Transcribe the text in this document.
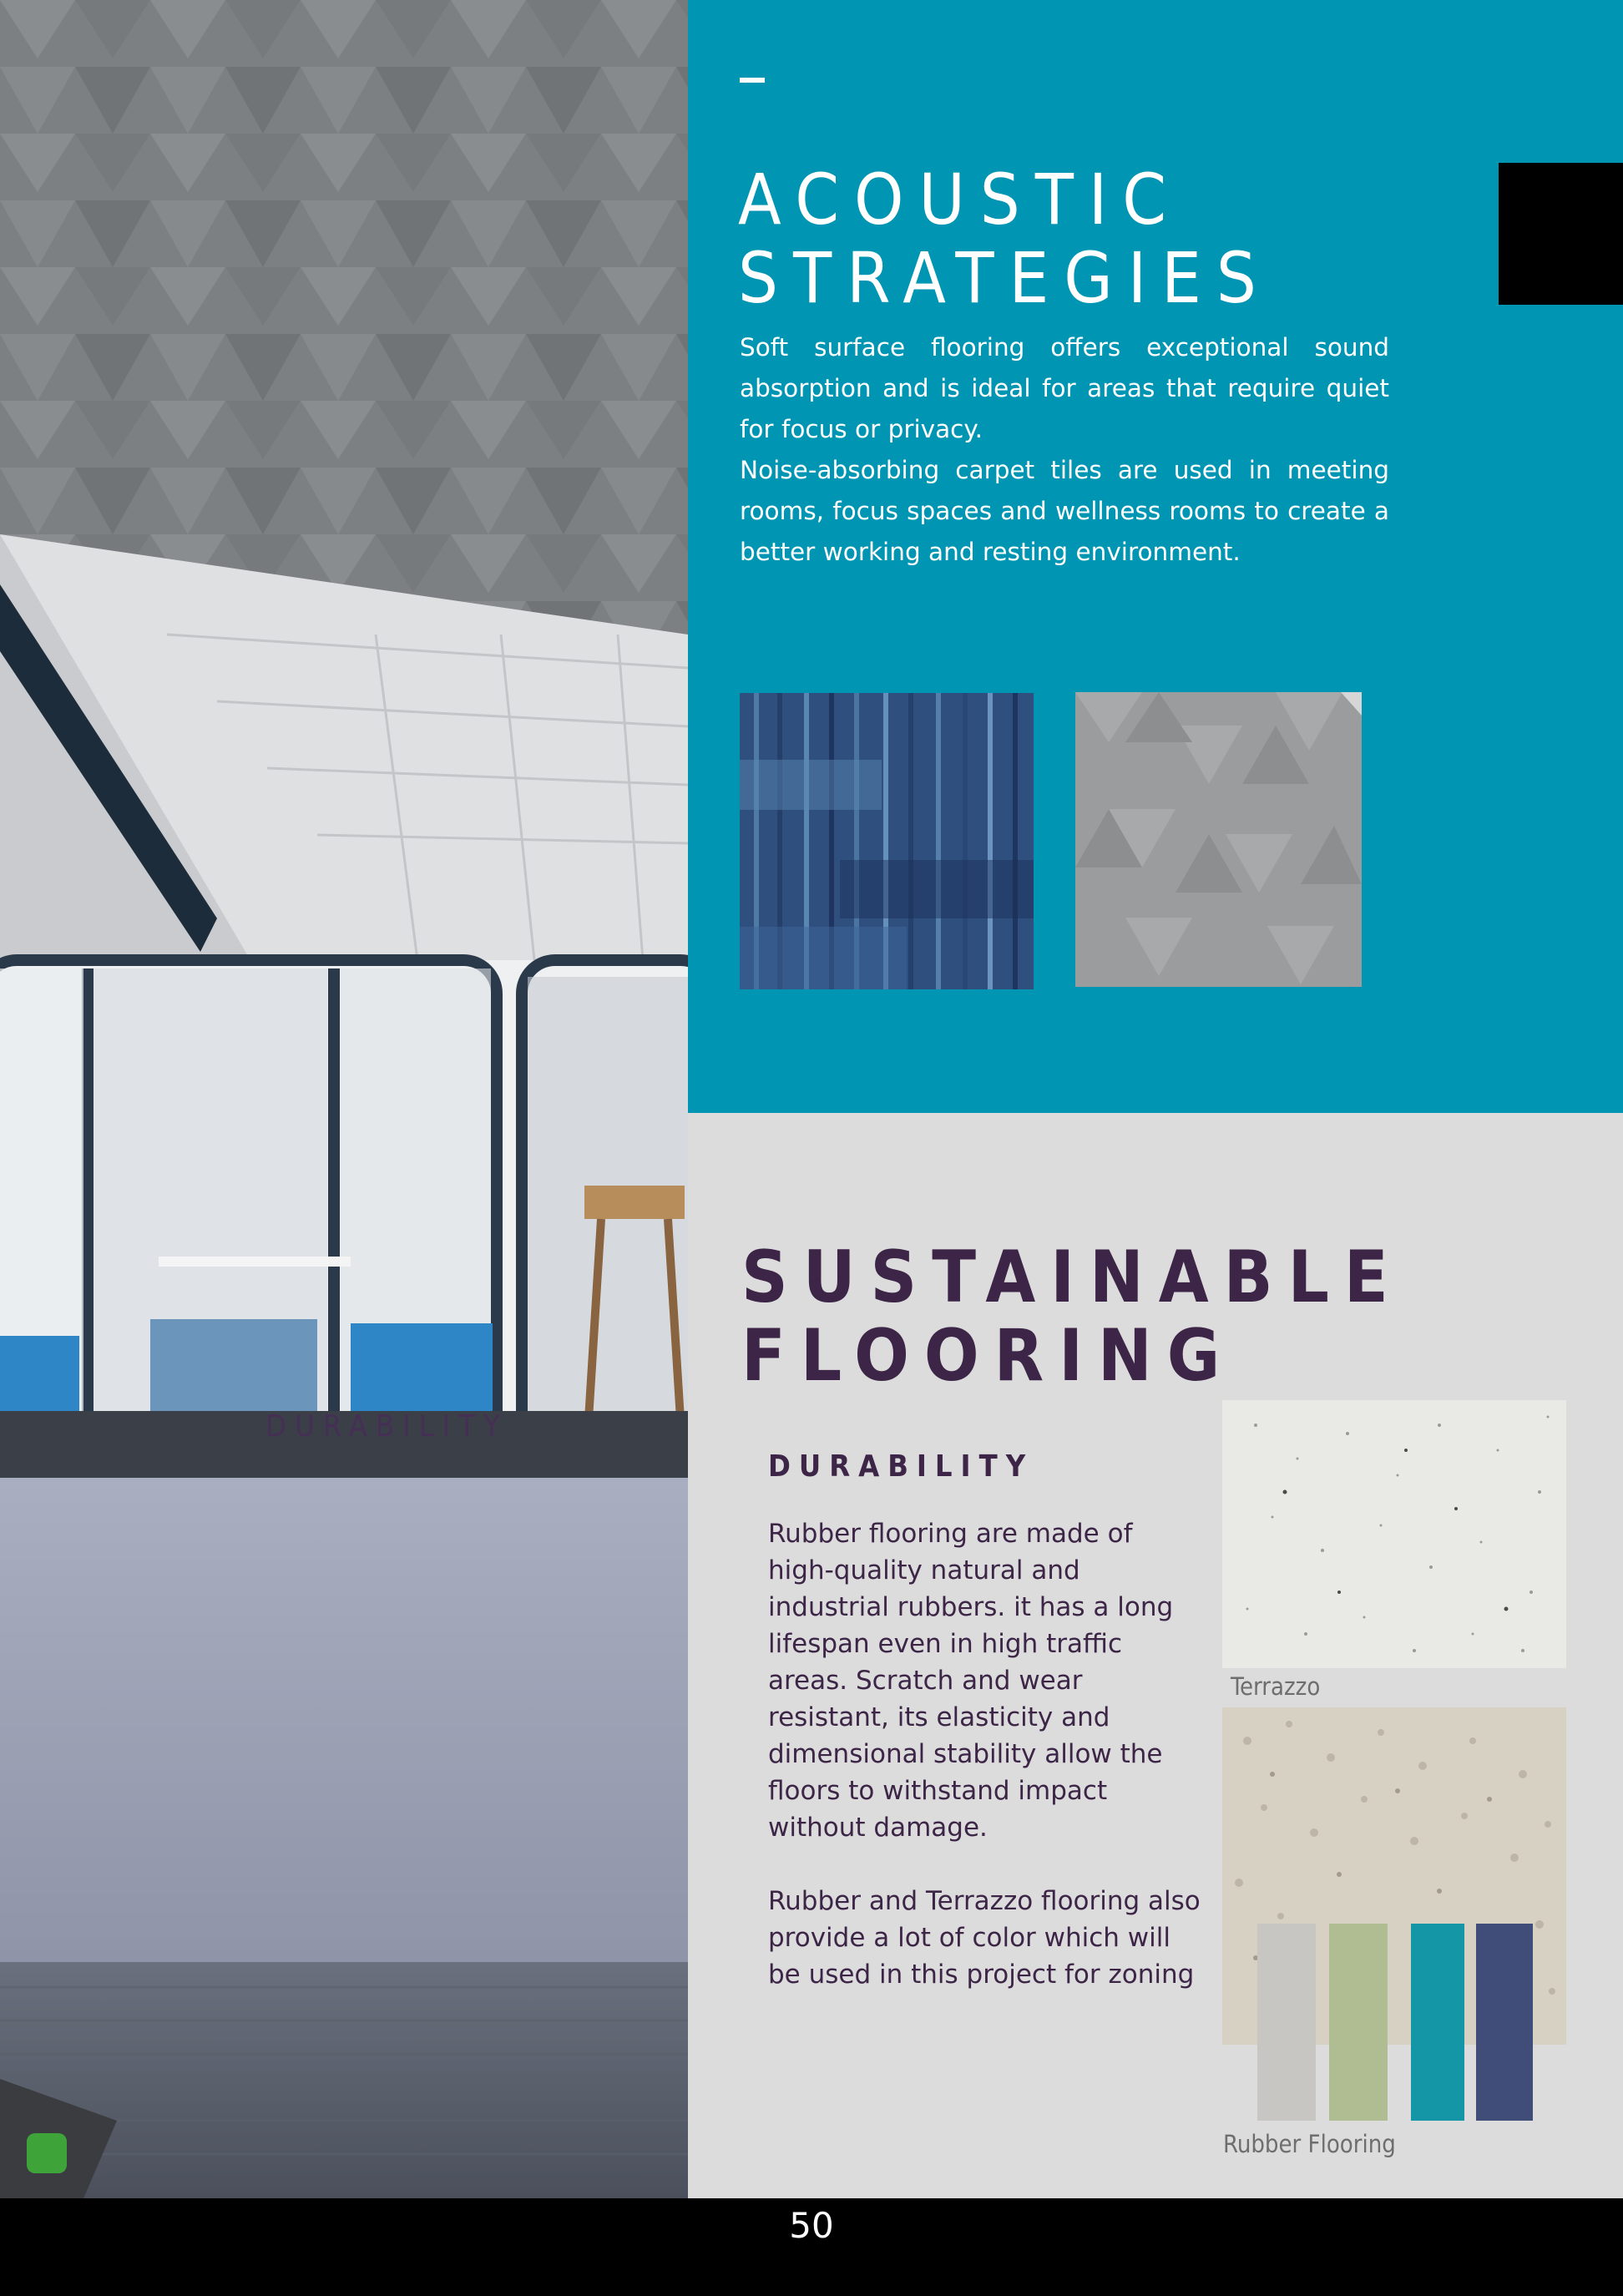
DURABILITY
ACOUSTIC
STRATEGIES

Soft surface flooring offers exceptional sound absorption and is ideal for areas that require quiet for focus or privacy.

Noise-absorbing carpet tiles are used in meeting rooms, focus spaces and wellness rooms to create a better working and resting environment.

SUSTAINABLE
FLOORING
DURABILITY

Rubber flooring are made of high-quality natural and industrial rubbers. it has a long lifespan even in high traffic areas. Scratch and wear resistant, its elasticity and dimensional stability allow the floors to withstand impact without damage.

Rubber and Terrazzo flooring also provide a lot of color which will be used in this project for zoning

Terrazzo
Rubber Flooring
50
